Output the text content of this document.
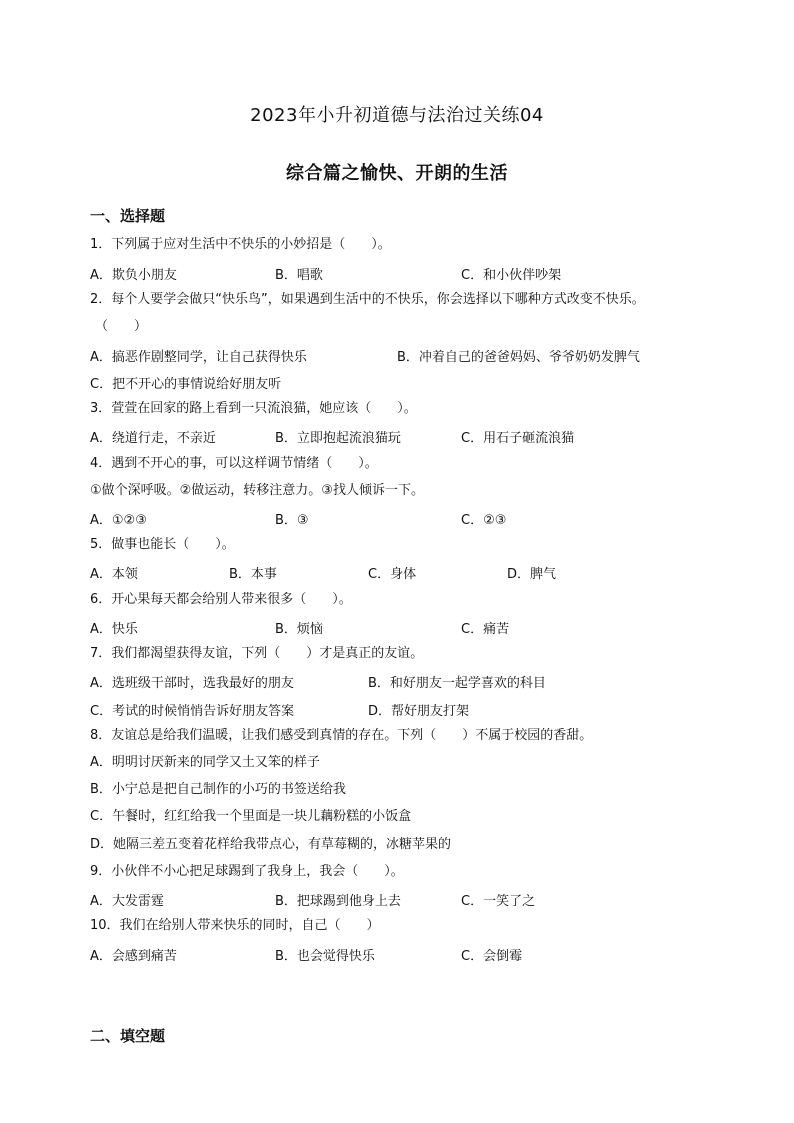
2023年小升初道德与法治过关练04
综合篇之愉快、开朗的生活
一、选择题
1．下列属于应对生活中不快乐的小妙招是（　　）。
A．欺负小朋友	B．唱歌	C．和小伙伴吵架
2．每个人要学会做只“快乐鸟”，如果遇到生活中的不快乐，你会选择以下哪种方式改变不快乐。
（　　）
A．搞恶作剧整同学，让自己获得快乐	B．冲着自己的爸爸妈妈、爷爷奶奶发脾气
C．把不开心的事情说给好朋友听
3．萱萱在回家的路上看到一只流浪猫，她应该（　　）。
A．绕道行走，不亲近	B．立即抱起流浪猫玩	C．用石子砸流浪猫
4．遇到不开心的事，可以这样调节情绪（　　）。
①做个深呼吸。②做运动，转移注意力。③找人倾诉一下。
A．①②③	B．③	C．②③
5．做事也能长（　　）。
A．本领	B．本事	C．身体	D．脾气
6．开心果每天都会给别人带来很多（　　）。
A．快乐	B．烦恼	C．痛苦
7．我们都渴望获得友谊，下列（　　）才是真正的友谊。
A．选班级干部时，选我最好的朋友	B．和好朋友一起学喜欢的科目
C．考试的时候悄悄告诉好朋友答案	D．帮好朋友打架
8．友谊总是给我们温暖，让我们感受到真情的存在。下列（　　）不属于校园的香甜。
A．明明讨厌新来的同学又土又笨的样子
B．小宁总是把自己制作的小巧的书签送给我
C．午餐时，红红给我一个里面是一块儿藕粉糕的小饭盒
D．她隔三差五变着花样给我带点心，有草莓糊的，冰糖苹果的
9．小伙伴不小心把足球踢到了我身上，我会（　　）。
A．大发雷霆	B．把球踢到他身上去	C．一笑了之
10．我们在给别人带来快乐的同时，自己（　　）
A．会感到痛苦	B．也会觉得快乐	C．会倒霉
二、填空题
